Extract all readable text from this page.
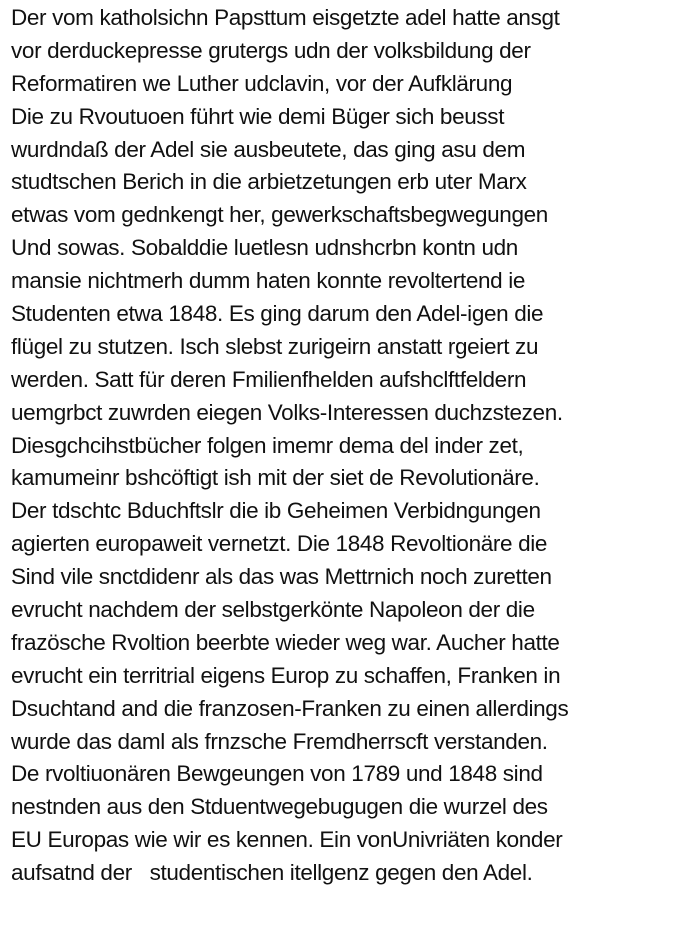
Der vom katholsichn Papsttum eisgetzte adel hatte ansgt
vor derduckepresse grutergs udn der volksbildung der
Reformatiren we Luther udclavin, vor der Aufklärung
Die zu Rvoutuoen führt wie demi Büger sich beusst
wurdndaß der Adel sie ausbeutete, das ging asu dem
studtschen Berich in die arbietzetungen erb uter Marx
etwas vom gednkengt her, gewerkschaftsbegwegungen
Und sowas. Sobalddie luetlesn udnshcrbn kontn udn
mansie nichtmerh dumm haten konnte revoltertend ie
Studenten etwa 1848. Es ging darum den Adel-igen die
flügel zu stutzen. Isch slebst zurigeirn anstatt rgeiert zu
werden. Satt für deren Fmilienfhelden aufshclftfeldern
uemgrbct zuwrden eiegen Volks-Interessen duchzstezen.
Diesgchcihstbücher folgen imemr dema del inder zet,
kamumeinr bshcöftigt ish mit der siet de Revolutionäre.
Der tdschtc Bduchftslr die ib Geheimen Verbidngungen
agierten europaweit vernetzt. Die 1848 Revoltionäre die
Sind vile snctdidenr als das was Mettrnich noch zuretten
evrucht nachdem der selbstgerkönte Napoleon der die
frazösche Rvoltion beerbte wieder weg war. Aucher hatte
evrucht ein territrial eigens Europ zu schaffen, Franken in
Dsuchtand and die franzosen-Franken zu einen allerdings
wurde das daml als frnzsche Fremdherrscft verstanden.
De rvoltiuonären Bewgeungen von 1789 und 1848 sind
nestnden aus den Stduentwegebugugen die wurzel des
EU Europas wie wir es kennen. Ein vonUnivriäten konder
aufsatnd der   studentischen itellgenz gegen den Adel.
